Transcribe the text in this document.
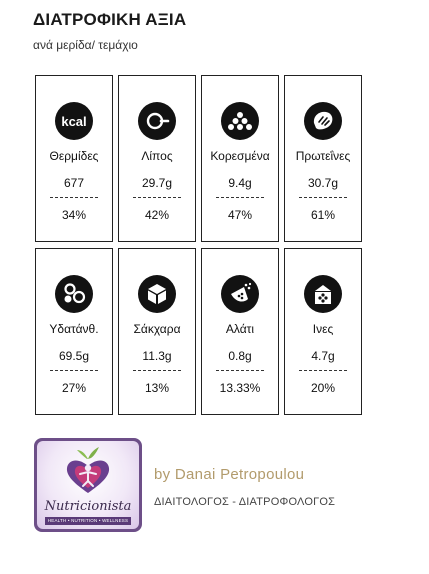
ΔΙΑΤΡΟΦΙΚΗ ΑΞΙΑ
ανά μερίδα/ τεμάχιο
kcal
Θερμίδες
677
34%
Λίπος
29.7g
42%
Κορεσμένα
9.4g
47%
Πρωτεΐνες
30.7g
61%
Υδατάνθ.
69.5g
27%
Σάκχαρα
11.3g
13%
Αλάτι
0.8g
13.33%
Ινες
4.7g
20%
Nutricionista
HEALTH • NUTRITION • WELLNESS
by Danai Petropoulou
ΔΙΑΙΤΟΛΟΓΟΣ - ΔΙΑΤΡΟΦΟΛΟΓΟΣ
